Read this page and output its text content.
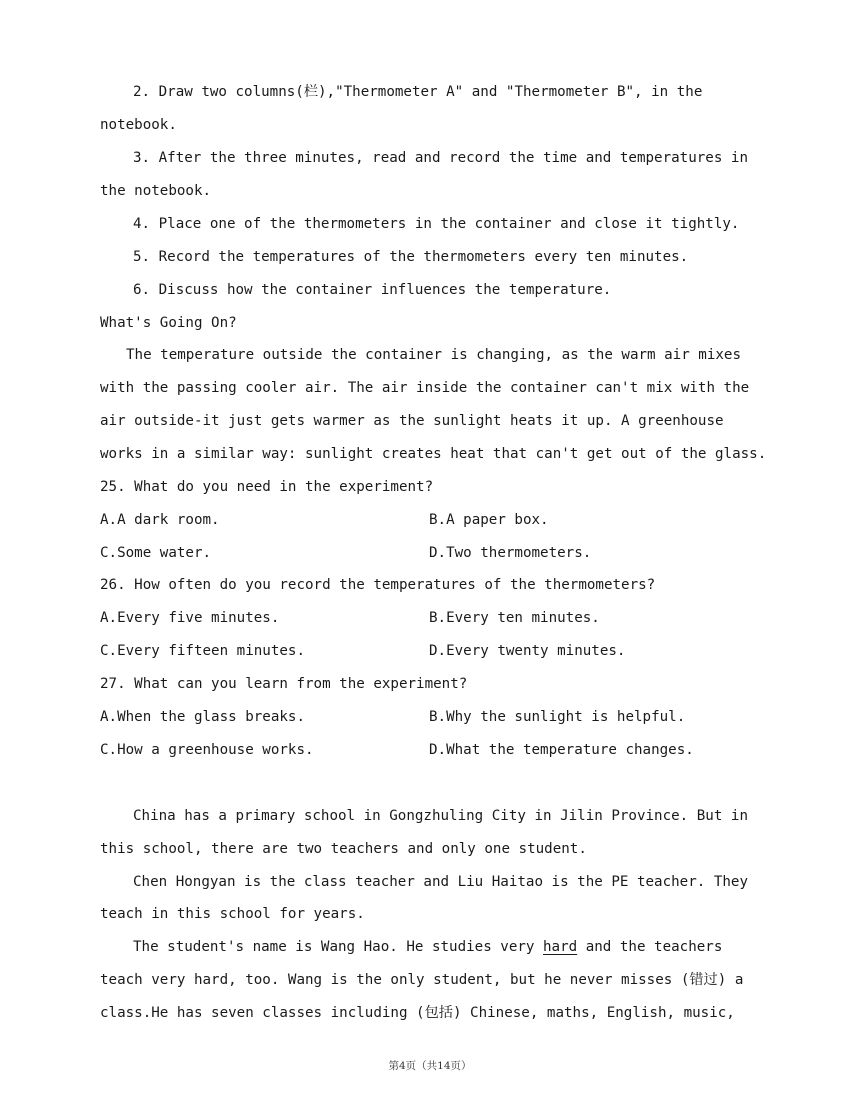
2. Draw two columns(栏),"Thermometer A" and "Thermometer B", in the
notebook.
3. After the three minutes, read and record the time and temperatures in
the notebook.
4. Place one of the thermometers in the container and close it tightly.
5. Record the temperatures of the thermometers every ten minutes.
6. Discuss how the container influences the temperature.
What's Going On?
The temperature outside the container is changing, as the warm air mixes
with the passing cooler air. The air inside the container can't mix with the
air outside-it just gets warmer as the sunlight heats it up. A greenhouse
works in a similar way: sunlight creates heat that can't get out of the glass.
25. What do you need in the experiment?
A.A dark room.	B.A paper box.
C.Some water.	D.Two thermometers.
26. How often do you record the temperatures of the thermometers?
A.Every five minutes.	B.Every ten minutes.
C.Every fifteen minutes.	D.Every twenty minutes.
27. What can you learn from the experiment?
A.When the glass breaks.	B.Why the sunlight is helpful.
C.How a greenhouse works.	D.What the temperature changes.
China has a primary school in Gongzhuling City in Jilin Province. But in
this school, there are two teachers and only one student.
Chen Hongyan is the class teacher and Liu Haitao is the PE teacher. They
teach in this school for years.
The student's name is Wang Hao. He studies very hard and the teachers
teach very hard, too. Wang is the only student, but he never misses (错过) a
class.He has seven classes including (包括) Chinese, maths, English, music,
第4页（共14页）
